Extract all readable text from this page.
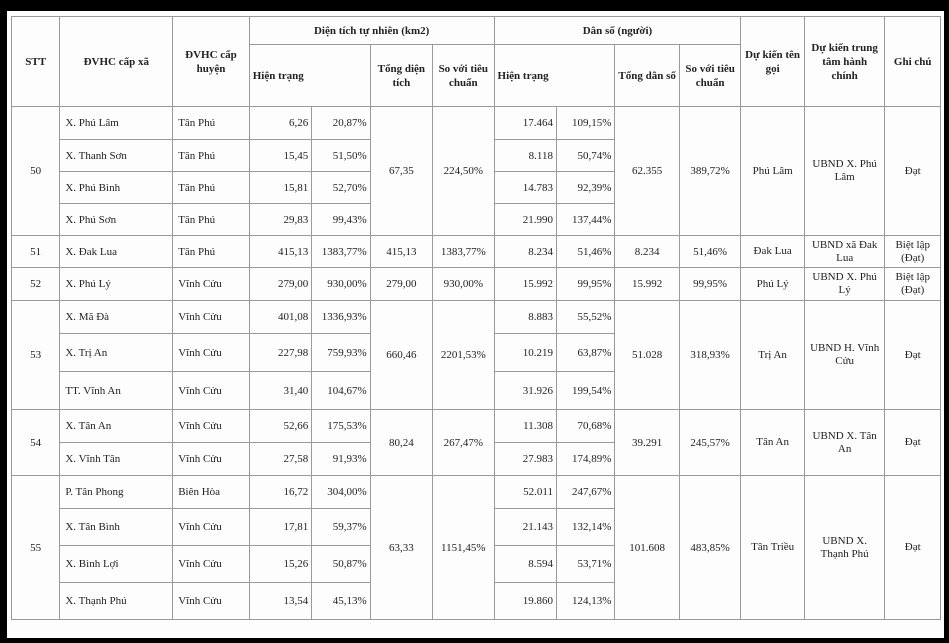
STT	ĐVHC cấp xã	ĐVHC cấp huyện	Diện tích tự nhiên (km2)				Dân số (người)				Dự kiến tên gọi	Dự kiến trung tâm hành chính	Ghi chú
			Hiện trạng		Tổng diện tích	So với tiêu chuẩn	Hiện trạng		Tổng dân số	So với tiêu chuẩn			
50	X. Phú Lâm	Tân Phú	6,26	20,87%	67,35	224,50%	17.464	109,15%	62.355	389,72%	Phú Lâm	UBND X. Phú Lâm	Đạt
	X. Thanh Sơn	Tân Phú	15,45	51,50%			8.118	50,74%					
	X. Phú Bình	Tân Phú	15,81	52,70%			14.783	92,39%					
	X. Phú Sơn	Tân Phú	29,83	99,43%			21.990	137,44%					
51	X. Đak Lua	Tân Phú	415,13	1383,77%	415,13	1383,77%	8.234	51,46%	8.234	51,46%	Đak Lua	UBND xã Đak Lua	Biệt lập (Đạt)
52	X. Phú Lý	Vĩnh Cửu	279,00	930,00%	279,00	930,00%	15.992	99,95%	15.992	99,95%	Phú Lý	UBND X. Phú Lý	Biệt lập (Đạt)
53	X. Mã Đà	Vĩnh Cửu	401,08	1336,93%	660,46	2201,53%	8.883	55,52%	51.028	318,93%	Trị An	UBND H. Vĩnh Cửu	Đạt
	X. Trị An	Vĩnh Cửu	227,98	759,93%			10.219	63,87%					
	TT. Vĩnh An	Vĩnh Cửu	31,40	104,67%			31.926	199,54%					
54	X. Tân An	Vĩnh Cửu	52,66	175,53%	80,24	267,47%	11.308	70,68%	39.291	245,57%	Tân An	UBND X. Tân An	Đạt
	X. Vĩnh Tân	Vĩnh Cửu	27,58	91,93%			27.983	174,89%					
55	P. Tân Phong	Biên Hòa	16,72	304,00%	63,33	1151,45%	52.011	247,67%	101.608	483,85%	Tân Triều	UBND X. Thạnh Phú	Đạt
	X. Tân Bình	Vĩnh Cửu	17,81	59,37%			21.143	132,14%					
	X. Bình Lợi	Vĩnh Cửu	15,26	50,87%			8.594	53,71%					
	X. Thạnh Phú	Vĩnh Cửu	13,54	45,13%			19.860	124,13%					
